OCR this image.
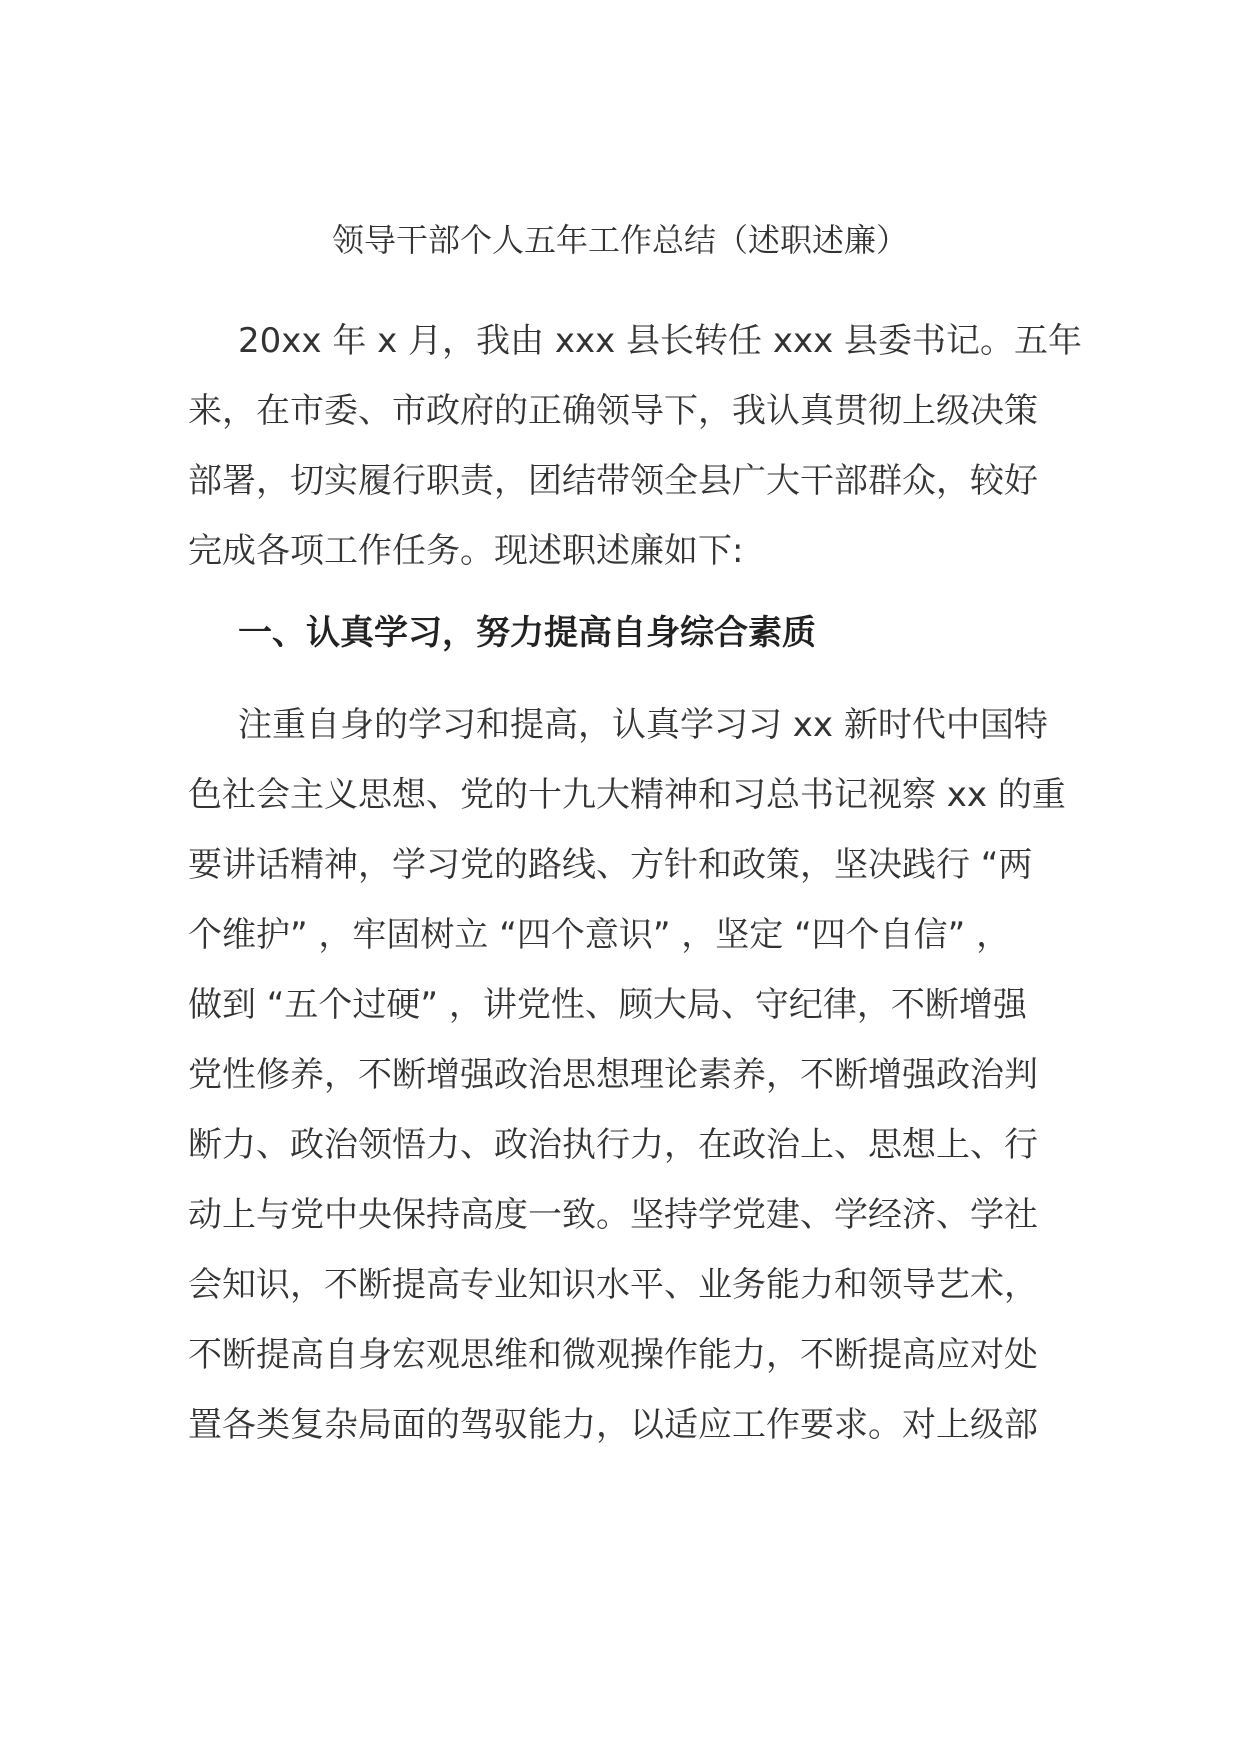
领导干部个人五年工作总结（述职述廉）
20xx 年 x 月，我由 xxx 县长转任 xxx 县委书记。五年
来，在市委、市政府的正确领导下，我认真贯彻上级决策
部署，切实履行职责，团结带领全县广大干部群众，较好
完成各项工作任务。现述职述廉如下:
一、认真学习，努力提高自身综合素质
注重自身的学习和提高，认真学习习 xx 新时代中国特
色社会主义思想、党的十九大精神和习总书记视察 xx 的重
要讲话精神，学习党的路线、方针和政策，坚决践行 “两
个维护” ，牢固树立 “四个意识” ，坚定 “四个自信” ，
做到 “五个过硬” ，讲党性、顾大局、守纪律，不断增强
党性修养，不断增强政治思想理论素养，不断增强政治判
断力、政治领悟力、政治执行力，在政治上、思想上、行
动上与党中央保持高度一致。坚持学党建、学经济、学社
会知识，不断提高专业知识水平、业务能力和领导艺术，
不断提高自身宏观思维和微观操作能力，不断提高应对处
置各类复杂局面的驾驭能力，以适应工作要求。对上级部
